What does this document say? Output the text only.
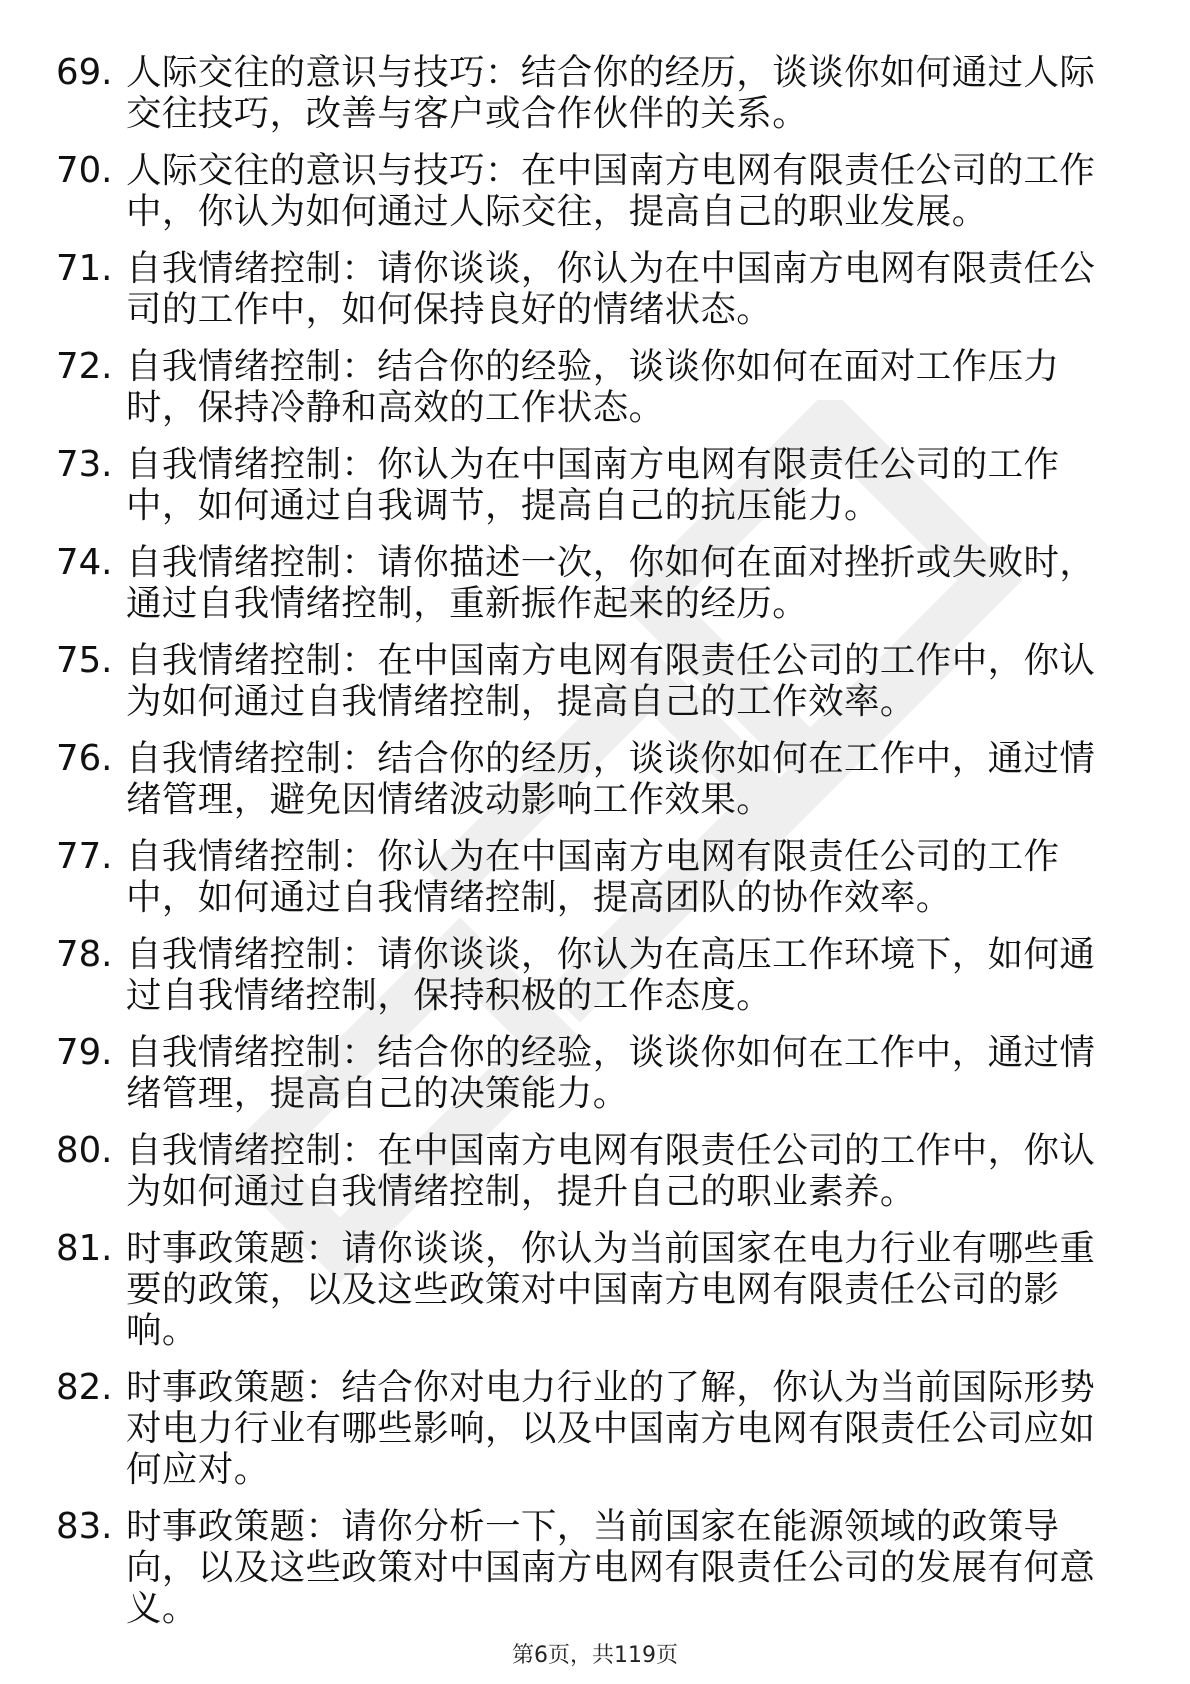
69. 人际交往的意识与技巧：结合你的经历，谈谈你如何通过人际交往技巧，改善与客户或合作伙伴的关系。
70. 人际交往的意识与技巧：在中国南方电网有限责任公司的工作中，你认为如何通过人际交往，提高自己的职业发展。
71. 自我情绪控制：请你谈谈，你认为在中国南方电网有限责任公司的工作中，如何保持良好的情绪状态。
72. 自我情绪控制：结合你的经验，谈谈你如何在面对工作压力时，保持冷静和高效的工作状态。
73. 自我情绪控制：你认为在中国南方电网有限责任公司的工作中，如何通过自我调节，提高自己的抗压能力。
74. 自我情绪控制：请你描述一次，你如何在面对挫折或失败时，通过自我情绪控制，重新振作起来的经历。
75. 自我情绪控制：在中国南方电网有限责任公司的工作中，你认为如何通过自我情绪控制，提高自己的工作效率。
76. 自我情绪控制：结合你的经历，谈谈你如何在工作中，通过情绪管理，避免因情绪波动影响工作效果。
77. 自我情绪控制：你认为在中国南方电网有限责任公司的工作中，如何通过自我情绪控制，提高团队的协作效率。
78. 自我情绪控制：请你谈谈，你认为在高压工作环境下，如何通过自我情绪控制，保持积极的工作态度。
79. 自我情绪控制：结合你的经验，谈谈你如何在工作中，通过情绪管理，提高自己的决策能力。
80. 自我情绪控制：在中国南方电网有限责任公司的工作中，你认为如何通过自我情绪控制，提升自己的职业素养。
81. 时事政策题：请你谈谈，你认为当前国家在电力行业有哪些重要的政策，以及这些政策对中国南方电网有限责任公司的影响。
82. 时事政策题：结合你对电力行业的了解，你认为当前国际形势对电力行业有哪些影响，以及中国南方电网有限责任公司应如何应对。
83. 时事政策题：请你分析一下，当前国家在能源领域的政策导向，以及这些政策对中国南方电网有限责任公司的发展有何意义。
第6页，共119页
